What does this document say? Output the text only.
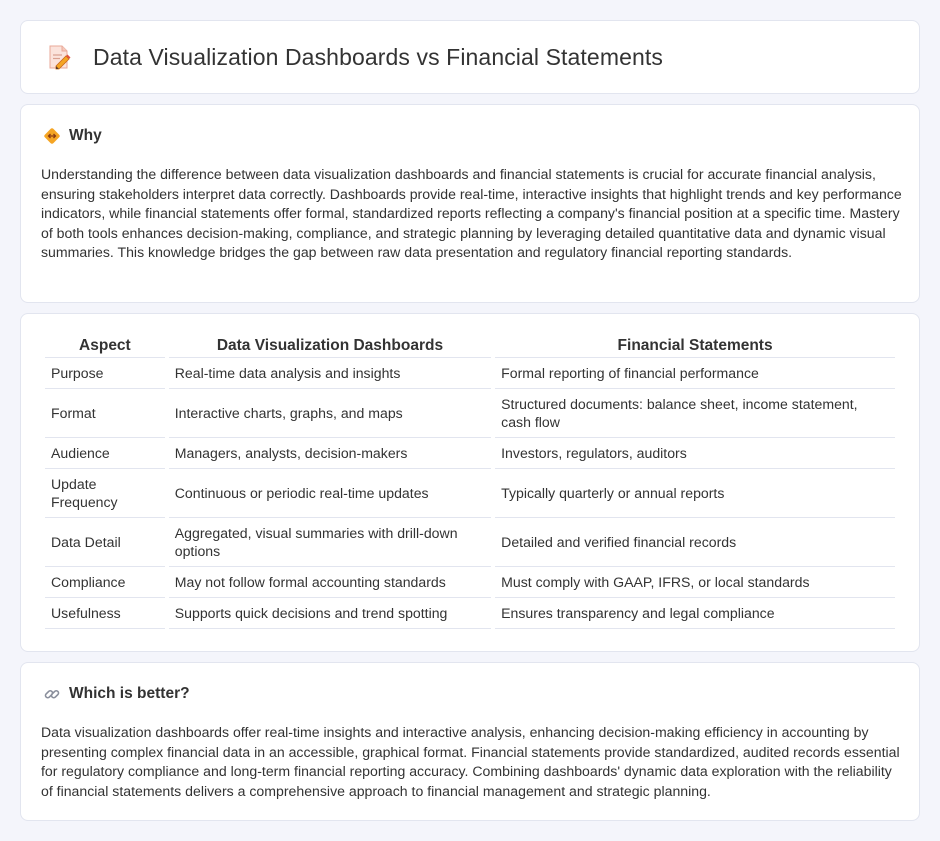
Data Visualization Dashboards vs Financial Statements
Why

Understanding the difference between data visualization dashboards and financial statements is crucial for accurate financial analysis, ensuring stakeholders interpret data correctly. Dashboards provide real-time, interactive insights that highlight trends and key performance indicators, while financial statements offer formal, standardized reports reflecting a company's financial position at a specific time. Mastery of both tools enhances decision-making, compliance, and strategic planning by leveraging detailed quantitative data and dynamic visual summaries. This knowledge bridges the gap between raw data presentation and regulatory financial reporting standards.

Aspect	Data Visualization Dashboards	Financial Statements
Purpose	Real-time data analysis and insights	Formal reporting of financial performance
Format	Interactive charts, graphs, and maps	Structured documents: balance sheet, income statement, cash flow
Audience	Managers, analysts, decision-makers	Investors, regulators, auditors
Update Frequency	Continuous or periodic real-time updates	Typically quarterly or annual reports
Data Detail	Aggregated, visual summaries with drill-down options	Detailed and verified financial records
Compliance	May not follow formal accounting standards	Must comply with GAAP, IFRS, or local standards
Usefulness	Supports quick decisions and trend spotting	Ensures transparency and legal compliance
Which is better?

Data visualization dashboards offer real-time insights and interactive analysis, enhancing decision-making efficiency in accounting by presenting complex financial data in an accessible, graphical format. Financial statements provide standardized, audited records essential for regulatory compliance and long-term financial reporting accuracy. Combining dashboards' dynamic data exploration with the reliability of financial statements delivers a comprehensive approach to financial management and strategic planning.
